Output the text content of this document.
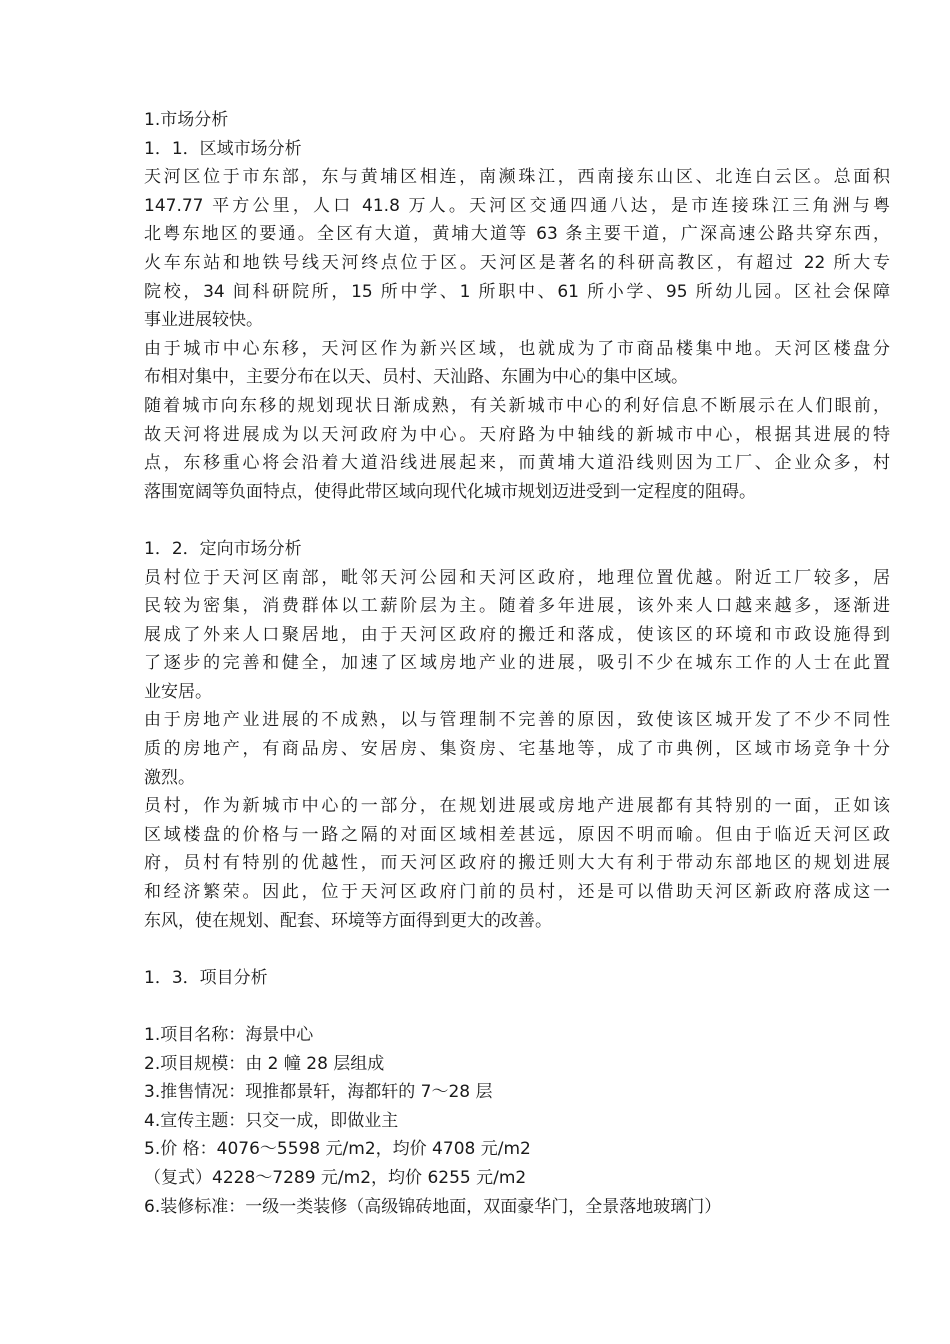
1.市场分析
1．1．区域市场分析
天河区位于市东部，东与黄埔区相连，南濒珠江，西南接东山区、北连白云区。总面积
147.77 平方公里，人口 41.8 万人。天河区交通四通八达，是市连接珠江三角洲与粤
北粤东地区的要通。全区有大道，黄埔大道等 63 条主要干道，广深高速公路共穿东西，
火车东站和地铁号线天河终点位于区。天河区是著名的科研高教区，有超过 22 所大专
院校，34 间科研院所，15 所中学、1 所职中、61 所小学、95 所幼儿园。区社会保障
事业进展较快。
由于城市中心东移，天河区作为新兴区域，也就成为了市商品楼集中地。天河区楼盘分
布相对集中，主要分布在以天、员村、天汕路、东圃为中心的集中区域。
随着城市向东移的规划现状日渐成熟，有关新城市中心的利好信息不断展示在人们眼前，
故天河将进展成为以天河政府为中心。天府路为中轴线的新城市中心，根据其进展的特
点，东移重心将会沿着大道沿线进展起来，而黄埔大道沿线则因为工厂、企业众多，村
落围宽阔等负面特点，使得此带区域向现代化城市规划迈进受到一定程度的阻碍。
1．2．定向市场分析
员村位于天河区南部，毗邻天河公园和天河区政府，地理位置优越。附近工厂较多，居
民较为密集，消费群体以工薪阶层为主。随着多年进展，该外来人口越来越多，逐渐进
展成了外来人口聚居地，由于天河区政府的搬迁和落成，使该区的环境和市政设施得到
了逐步的完善和健全，加速了区域房地产业的进展，吸引不少在城东工作的人士在此置
业安居。
由于房地产业进展的不成熟，以与管理制不完善的原因，致使该区城开发了不少不同性
质的房地产，有商品房、安居房、集资房、宅基地等，成了市典例，区域市场竞争十分
激烈。
员村，作为新城市中心的一部分，在规划进展或房地产进展都有其特别的一面，正如该
区域楼盘的价格与一路之隔的对面区域相差甚远，原因不明而喻。但由于临近天河区政
府，员村有特别的优越性，而天河区政府的搬迁则大大有利于带动东部地区的规划进展
和经济繁荣。因此，位于天河区政府门前的员村，还是可以借助天河区新政府落成这一
东风，使在规划、配套、环境等方面得到更大的改善。
1．3．项目分析
1.项目名称：海景中心
2.项目规模：由 2 幢 28 层组成
3.推售情况：现推都景轩，海都轩的 7～28 层
4.宣传主题：只交一成，即做业主
5.价 格：4076～5598 元/m2，均价 4708 元/m2
（复式）4228～7289 元/m2，均价 6255 元/m2
6.装修标准：一级一类装修（高级锦砖地面，双面豪华门，全景落地玻璃门）
